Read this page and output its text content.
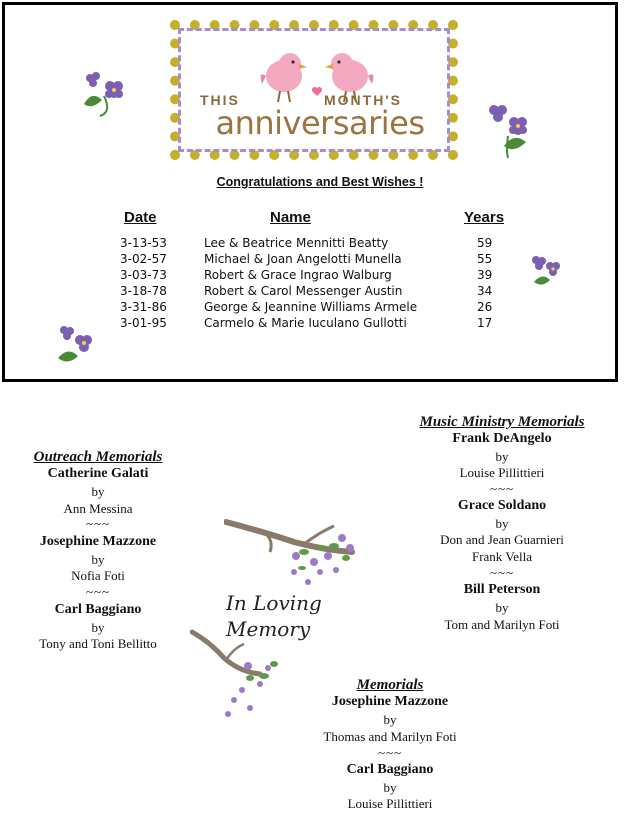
THIS	MONTH'S
anniversaries
Congratulations and Best Wishes !
Date	Name	Years
3-13-53	Lee & Beatrice Mennitti Beatty	59
3-02-57	Michael & Joan Angelotti Munella	55
3-03-73	Robert & Grace Ingrao Walburg	39
3-18-78	Robert & Carol Messenger Austin	34
3-31-86	George & Jeannine Williams Armele	26
3-01-95	Carmelo & Marie Iuculano Gullotti	17
Outreach Memorials
Catherine Galati
by
Ann Messina
~~~
Josephine Mazzone
by
Nofia Foti
~~~
Carl Baggiano
by
Tony and Toni Bellitto
Music Ministry Memorials
Frank DeAngelo
by
Louise Pillittieri
~~~
Grace Soldano
by
Don and Jean Guarnieri
Frank Vella
~~~
Bill Peterson
by
Tom and Marilyn Foti
In Loving
Memory
Memorials
Josephine Mazzone
by
Thomas and Marilyn Foti
~~~
Carl Baggiano
by
Louise Pillittieri
